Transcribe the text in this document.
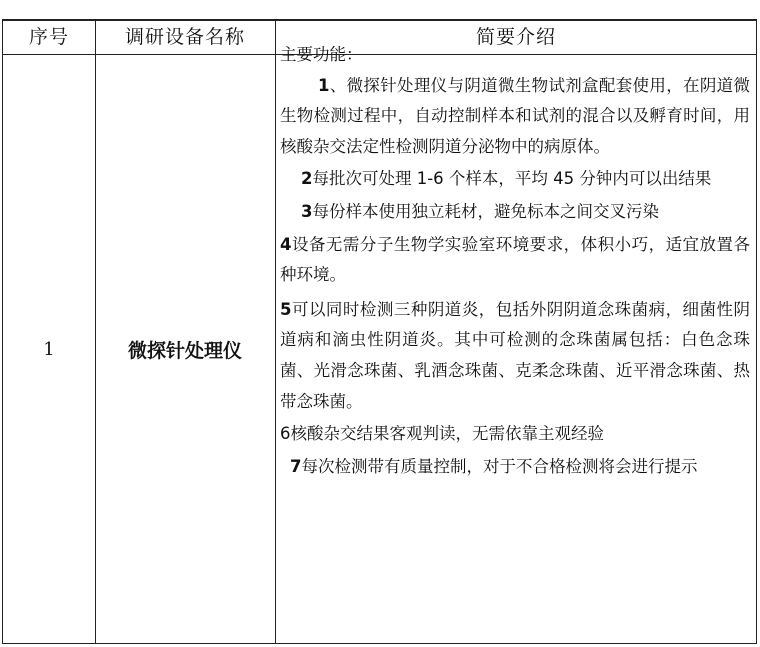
序号	调研设备名称	简要介绍
1	微探针处理仪

主要功能：

1、微探针处理仪与阴道微生物试剂盒配套使用，在阴道微生物检测过程中，自动控制样本和试剂的混合以及孵育时间，用核酸杂交法定性检测阴道分泌物中的病原体。

2每批次可处理 1-6 个样本，平均 45 分钟内可以出结果

3每份样本使用独立耗材，避免标本之间交叉污染

4设备无需分子生物学实验室环境要求，体积小巧，适宜放置各种环境。

5可以同时检测三种阴道炎，包括外阴阴道念珠菌病，细菌性阴道病和滴虫性阴道炎。其中可检测的念珠菌属包括：白色念珠菌、光滑念珠菌、乳酒念珠菌、克柔念珠菌、近平滑念珠菌、热带念珠菌。

6核酸杂交结果客观判读，无需依靠主观经验

7每次检测带有质量控制，对于不合格检测将会进行提示
